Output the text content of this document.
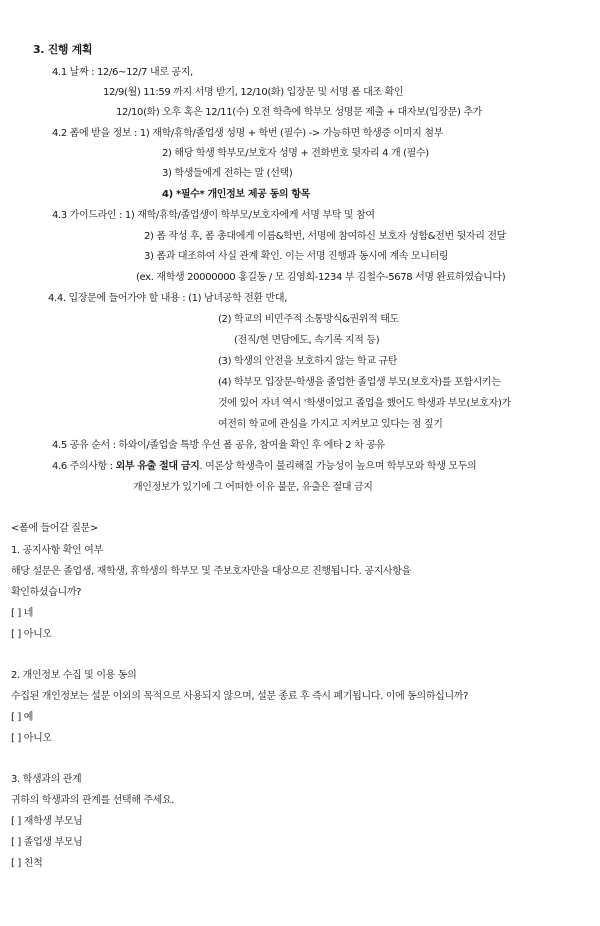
3. 진행 계획
4.1 날짜 : 12/6~12/7 내로 공지,
12/9(월) 11:59 까지 서명 받기, 12/10(화) 입장문 및 서명 폼 대조 확인
12/10(화) 오후 혹은 12/11(수) 오전 학측에 학부모 성명문 제출 + 대자보(입장문) 추가
4.2 폼에 받을 정보 : 1) 재학/휴학/졸업생 성명 + 학번 (필수) -> 가능하면 학생증 이미지 첨부
2) 해당 학생 학부모/보호자 성명 + 전화번호 뒷자리 4 개 (필수)
3) 학생들에게 전하는 말 (선택)
4) *필수* 개인정보 제공 동의 항목
4.3 가이드라인 : 1) 재학/휴학/졸업생이 학부모/보호자에게 서명 부탁 및 참여
2) 폼 작성 후, 폼 총대에게 이름&학번, 서명에 참여하신 보호자 성함&전번 뒷자리 전달
3) 폼과 대조하여 사실 관계 확인. 이는 서명 진행과 동시에 계속 모니터링
(ex. 재학생 20000000 홍길동 / 모 김영희-1234 부 김철수-5678 서명 완료하였습니다)
4.4. 입장문에 들어가야 할 내용 : (1) 남녀공학 전환 반대,
(2) 학교의 비민주적 소통방식&권위적 태도
(전직/현 면담에도, 속기록 지적 등)
(3) 학생의 안전을 보호하지 않는 학교 규탄
(4) 학부모 입장문-학생을 졸업한 졸업생 부모(보호자)를 포함시키는
것에 있어 자녀 역시 '학생이었고 졸업을 했어도 학생과 부모(보호자)가
여전히 학교에 관심을 가지고 지켜보고 있다는 점 짚기
4.5 공유 순서 : 하와이/졸업술 특방 우선 폼 공유, 참여율 확인 후 에타 2 차 공유
4.6 주의사항 : 외부 유출 절대 금지. 여론상 학생측이 불리해질 가능성이 높으며 학부모와 학생 모두의
개인정보가 있기에 그 어떠한 이유 불문, 유출은 절대 금지
<폼에 들어갈 질문>
1. 공지사항 확인 여부
해당 설문은 졸업생, 재학생, 휴학생의 학부모 및 주보호자만을 대상으로 진행됩니다. 공지사항을
확인하셨습니까?
[ ] 네
[ ] 아니오
2. 개인정보 수집 및 이용 동의
수집된 개인정보는 설문 이외의 목적으로 사용되지 않으며, 설문 종료 후 즉시 폐기됩니다. 이에 동의하십니까?
[ ] 예
[ ] 아니오
3. 학생과의 관계
귀하의 학생과의 관계를 선택해 주세요.
[ ] 재학생 부모님
[ ] 졸업생 부모님
[ ] 친척
